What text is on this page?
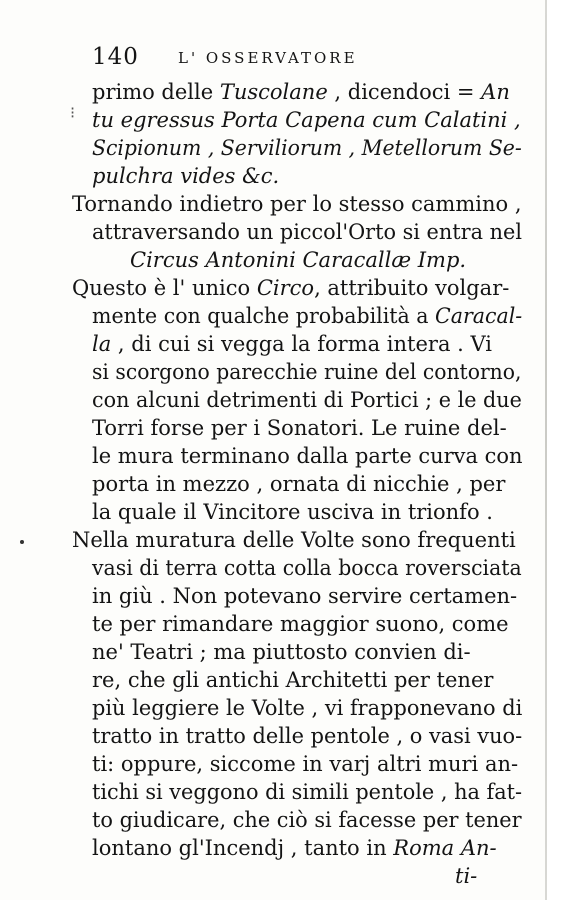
140	L' OSSERVATORE
⁝
primo delle Tuscolane , dicendoci = An
tu egressus Porta Capena cum Calatini ,
Scipionum , Serviliorum , Metellorum Se-
pulchra vides &c.
Tornando indietro per lo stesso cammino ,
attraversando un piccol'Orto si entra nel
Circus Antonini Caracallæ Imp.
Questo è l' unico Circo, attribuito volgar-
mente con qualche probabilità a Caracal-
la , di cui si vegga la forma intera . Vi
si scorgono parecchie ruine del contorno,
con alcuni detrimenti di Portici ; e le due
Torri forse per i Sonatori. Le ruine del-
le mura terminano dalla parte curva con
porta in mezzo , ornata di nicchie , per
la quale il Vincitore usciva in trionfo .
Nella muratura delle Volte sono frequenti
vasi di terra cotta colla bocca roversciata
in giù . Non potevano servire certamen-
te per rimandare maggior suono, come
ne' Teatri ; ma piuttosto convien di-
re, che gli antichi Architetti per tener
più leggiere le Volte , vi frapponevano di
tratto in tratto delle pentole , o vasi vuo-
ti: oppure, siccome in varj altri muri an-
tichi si veggono di simili pentole , ha fat-
to giudicare, che ciò si facesse per tener
lontano gl'Incendj , tanto in Roma An-
ti-
